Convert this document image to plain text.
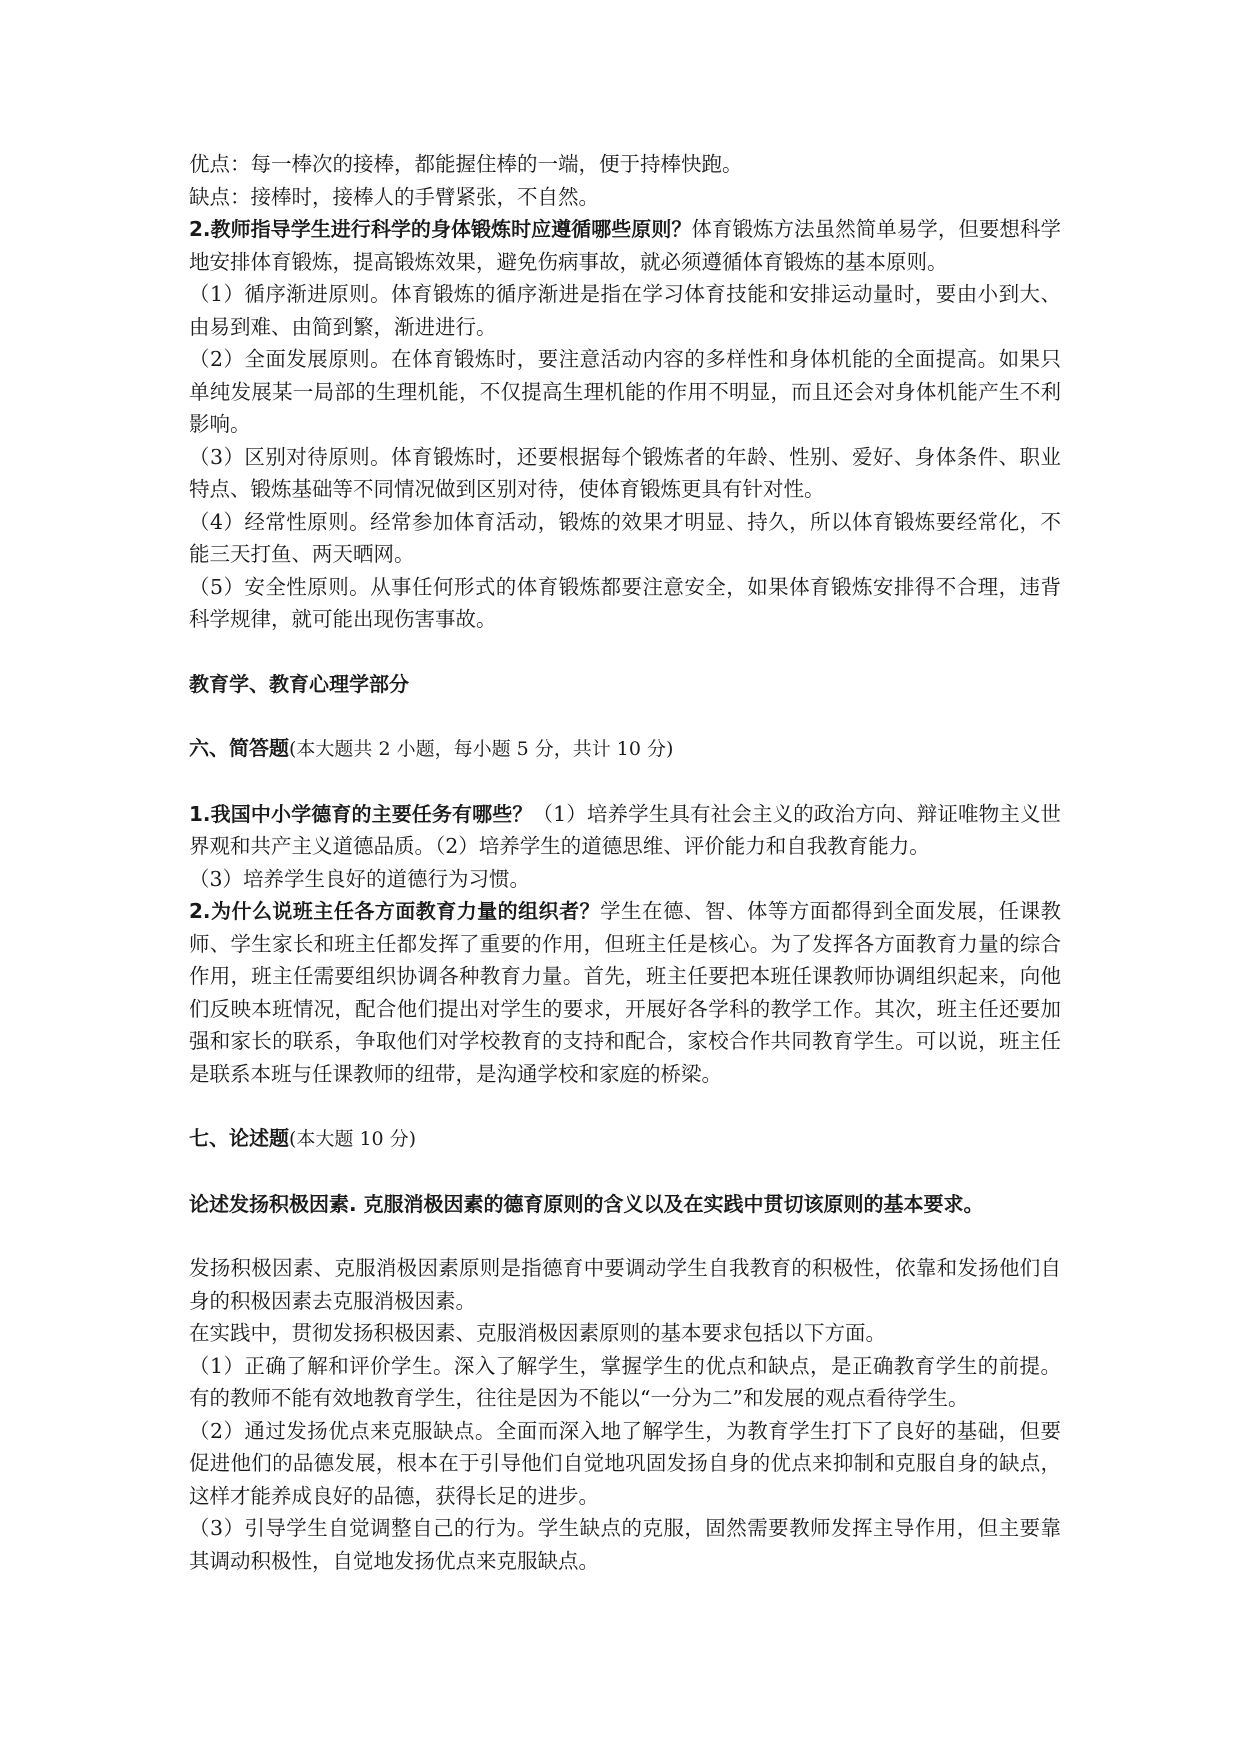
优点：每一棒次的接棒，都能握住棒的一端，便于持棒快跑。

缺点：接棒时，接棒人的手臂紧张，不自然。

2.教师指导学生进行科学的身体锻炼时应遵循哪些原则？体育锻炼方法虽然简单易学，但要想科学地安排体育锻炼，提高锻炼效果，避免伤病事故，就必须遵循体育锻炼的基本原则。

（1）循序渐进原则。体育锻炼的循序渐进是指在学习体育技能和安排运动量时，要由小到大、由易到难、由简到繁，渐进进行。

（2）全面发展原则。在体育锻炼时，要注意活动内容的多样性和身体机能的全面提高。如果只单纯发展某一局部的生理机能，不仅提高生理机能的作用不明显，而且还会对身体机能产生不利影响。

（3）区别对待原则。体育锻炼时，还要根据每个锻炼者的年龄、性别、爱好、身体条件、职业特点、锻炼基础等不同情况做到区别对待，使体育锻炼更具有针对性。

（4）经常性原则。经常参加体育活动，锻炼的效果才明显、持久，所以体育锻炼要经常化，不能三天打鱼、两天晒网。

（5）安全性原则。从事任何形式的体育锻炼都要注意安全，如果体育锻炼安排得不合理，违背科学规律，就可能出现伤害事故。

教育学、教育心理学部分

六、简答题(本大题共 2 小题，每小题 5 分，共计 10 分)

1.我国中小学德育的主要任务有哪些？（1）培养学生具有社会主义的政治方向、辩证唯物主义世界观和共产主义道德品质。（2）培养学生的道德思维、评价能力和自我教育能力。

（3）培养学生良好的道德行为习惯。

2.为什么说班主任各方面教育力量的组织者？学生在德、智、体等方面都得到全面发展，任课教师、学生家长和班主任都发挥了重要的作用，但班主任是核心。为了发挥各方面教育力量的综合作用，班主任需要组织协调各种教育力量。首先，班主任要把本班任课教师协调组织起来，向他们反映本班情况，配合他们提出对学生的要求，开展好各学科的教学工作。其次，班主任还要加强和家长的联系，争取他们对学校教育的支持和配合，家校合作共同教育学生。可以说，班主任是联系本班与任课教师的纽带，是沟通学校和家庭的桥梁。

七、论述题(本大题 10 分)

论述发扬积极因素. 克服消极因素的德育原则的含义以及在实践中贯切该原则的基本要求。

发扬积极因素、克服消极因素原则是指德育中要调动学生自我教育的积极性，依靠和发扬他们自身的积极因素去克服消极因素。

在实践中，贯彻发扬积极因素、克服消极因素原则的基本要求包括以下方面。

（1）正确了解和评价学生。深入了解学生，掌握学生的优点和缺点，是正确教育学生的前提。有的教师不能有效地教育学生，往往是因为不能以“一分为二”和发展的观点看待学生。

（2）通过发扬优点来克服缺点。全面而深入地了解学生，为教育学生打下了良好的基础，但要促进他们的品德发展，根本在于引导他们自觉地巩固发扬自身的优点来抑制和克服自身的缺点，这样才能养成良好的品德，获得长足的进步。

（3）引导学生自觉调整自己的行为。学生缺点的克服，固然需要教师发挥主导作用，但主要靠其调动积极性，自觉地发扬优点来克服缺点。
